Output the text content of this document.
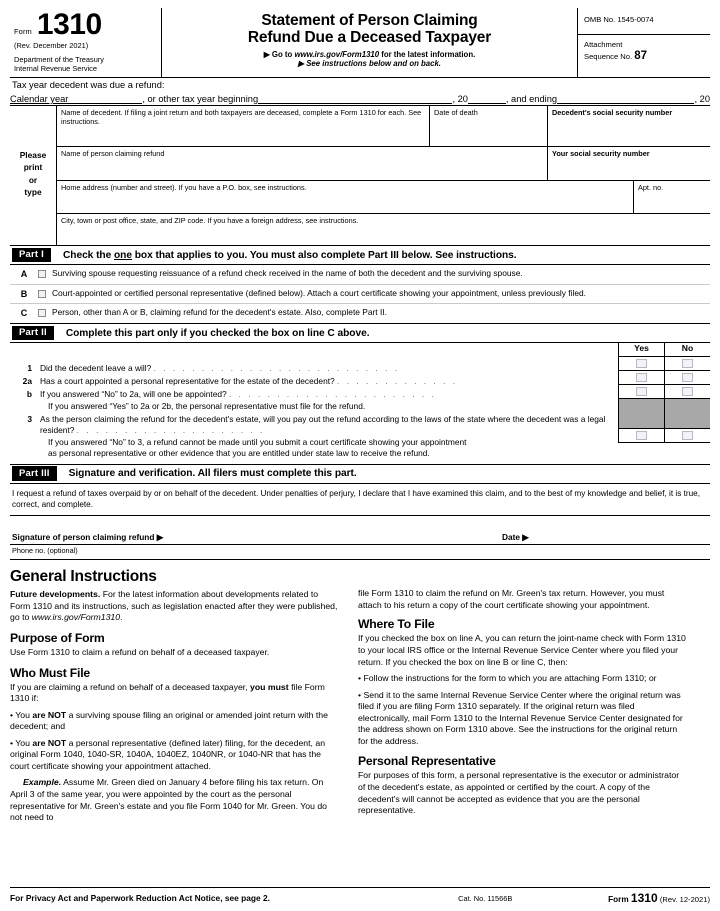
Form 1310
(Rev. December 2021)
Department of the Treasury
Internal Revenue Service
Statement of Person Claiming
Refund Due a Deceased Taxpayer
▶ Go to www.irs.gov/Form1310 for the latest information.
▶ See instructions below and on back.
OMB No. 1545-0074
Attachment
Sequence No. 87
Tax year decedent was due a refund:
Calendar year	, or other tax year beginning	, 20	, and ending	, 20
Please
print
or
type
Name of decedent. If filing a joint return and both taxpayers are deceased, complete a Form 1310 for each. See instructions.
Date of death	Decedent's social security number
Name of person claiming refund	Your social security number
Home address (number and street). If you have a P.O. box, see instructions.	Apt. no.
City, town or post office, state, and ZIP code. If you have a foreign address, see instructions.
Part I	Check the one box that applies to you. You must also complete Part III below. See instructions.
A	Surviving spouse requesting reissuance of a refund check received in the name of both the decedent and the surviving spouse.
B	Court-appointed or certified personal representative (defined below). Attach a court certificate showing your appointment, unless previously filed.
C	Person, other than A or B, claiming refund for the decedent's estate. Also, complete Part II.
Part II	Complete this part only if you checked the box on line C above.
Yes	No
1 Did the decedent leave a will? . . . . . . . . . . . . . . . . . . . . . . . . . .
2a Has a court appointed a personal representative for the estate of the decedent? . . . . . . . . . . . . .
b If you answered “No” to 2a, will one be appointed? . . . . . . . . . . . . . . . . . . . . . .
If you answered “Yes” to 2a or 2b, the personal representative must file for the refund.
3 As the person claiming the refund for the decedent's estate, will you pay out the refund according to the laws of the state where the decedent was a legal resident? . . . . . . . . . . . . . . . . . . . .
If you answered “No” to 3, a refund cannot be made until you submit a court certificate showing your appointment
as personal representative or other evidence that you are entitled under state law to receive the refund.
Part III	Signature and verification. All filers must complete this part.
I request a refund of taxes overpaid by or on behalf of the decedent. Under penalties of perjury, I declare that I have examined this claim, and to the best of my knowledge and belief, it is true, correct, and complete.
Signature of person claiming refund ▶	Date ▶
Phone no. (optional)
General Instructions
Future developments. For the latest information about developments related to Form 1310 and its instructions, such as legislation enacted after they were published, go to www.irs.gov/Form1310.
Purpose of Form
Use Form 1310 to claim a refund on behalf of a deceased taxpayer.
Who Must File
If you are claiming a refund on behalf of a deceased taxpayer, you must file Form 1310 if:
• You are NOT a surviving spouse filing an original or amended joint return with the decedent; and
• You are NOT a personal representative (defined later) filing, for the decedent, an original Form 1040, 1040-SR, 1040A, 1040EZ, 1040NR, or 1040-NR that has the court certificate showing your appointment attached.
Example. Assume Mr. Green died on January 4 before filing his tax return. On April 3 of the same year, you were appointed by the court as the personal representative for Mr. Green's estate and you file Form 1040 for Mr. Green. You do not need to
file Form 1310 to claim the refund on Mr. Green's tax return. However, you must attach to his return a copy of the court certificate showing your appointment.
Where To File
If you checked the box on line A, you can return the joint-name check with Form 1310 to your local IRS office or the Internal Revenue Service Center where you filed your return. If you checked the box on line B or line C, then:
• Follow the instructions for the form to which you are attaching Form 1310; or
• Send it to the same Internal Revenue Service Center where the original return was filed if you are filing Form 1310 separately. If the original return was filed electronically, mail Form 1310 to the Internal Revenue Service Center designated for the address shown on Form 1310 above. See the instructions for the original return for the address.
Personal Representative
For purposes of this form, a personal representative is the executor or administrator of the decedent's estate, as appointed or certified by the court. A copy of the decedent's will cannot be accepted as evidence that you are the personal representative.
For Privacy Act and Paperwork Reduction Act Notice, see page 2.	Cat. No. 11566B	Form 1310 (Rev. 12-2021)
